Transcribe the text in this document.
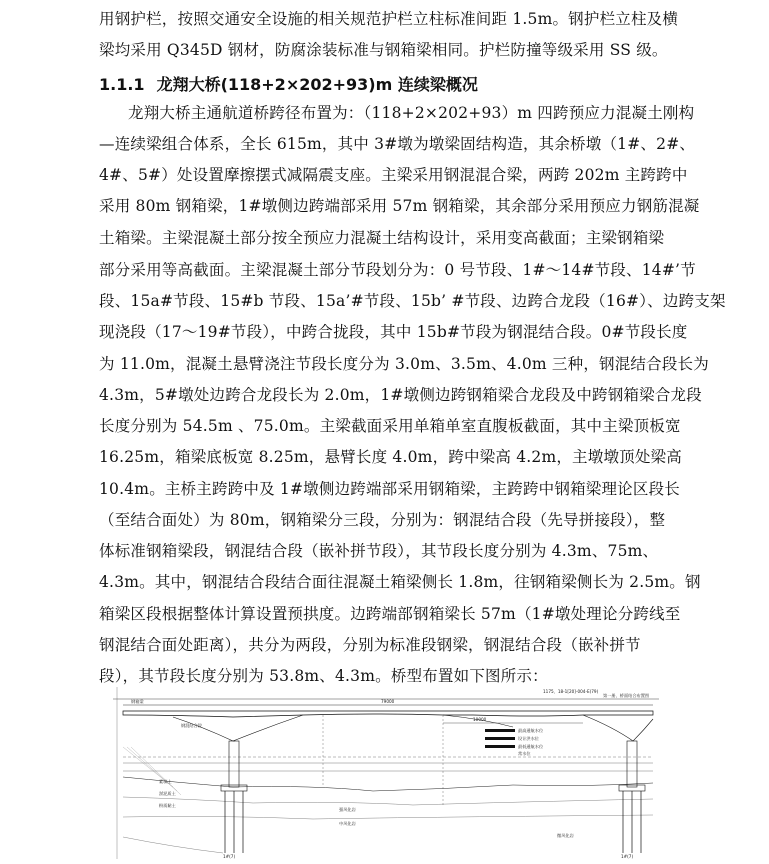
用钢护栏，按照交通安全设施的相关规范护栏立柱标准间距 1.5m。钢护栏立柱及横
梁均采用 Q345D 钢材，防腐涂装标准与钢箱梁相同。护栏防撞等级采用 SS 级。
1.1.1 龙翔大桥(118+2×202+93)m 连续梁概况
龙翔大桥主通航道桥跨径布置为：（118+2×202+93）m 四跨预应力混凝土刚构
—连续梁组合体系，全长 615m，其中 3#墩为墩梁固结构造，其余桥墩（1#、2#、
4#、5#）处设置摩擦摆式减隔震支座。主梁采用钢混混合梁，两跨 202m 主跨跨中
采用 80m 钢箱梁，1#墩侧边跨端部采用 57m 钢箱梁，其余部分采用预应力钢筋混凝
土箱梁。主梁混凝土部分按全预应力混凝土结构设计，采用变高截面；主梁钢箱梁
部分采用等高截面。主梁混凝土部分节段划分为：0 号节段、1#～14#节段、14#’节
段、15a#节段、15#b 节段、15a’#节段、15b’ #节段、边跨合龙段（16#）、边跨支架
现浇段（17～19#节段），中跨合拢段，其中 15b#节段为钢混结合段。0#节段长度
为 11.0m，混凝土悬臂浇注节段长度分为 3.0m、3.5m、4.0m 三种，钢混结合段长为
4.3m，5#墩处边跨合龙段长为 2.0m，1#墩侧边跨钢箱梁合龙段及中跨钢箱梁合龙段
长度分别为 54.5m 、75.0m。主梁截面采用单箱单室直腹板截面，其中主梁顶板宽
16.25m，箱梁底板宽 8.25m，悬臂长度 4.0m，跨中梁高 4.2m，主墩墩顶处梁高
10.4m。主桥主跨跨中及 1#墩侧边跨端部采用钢箱梁，主跨跨中钢箱梁理论区段长
（至结合面处）为 80m，钢箱梁分三段，分别为：钢混结合段（先导拼接段），整
体标准钢箱梁段，钢混结合段（嵌补拼节段），其节段长度分别为 4.3m、75m、
4.3m。其中，钢混结合段结合面往混凝土箱梁侧长 1.8m，往钢箱梁侧长为 2.5m。钢
箱梁区段根据整体计算设置预拱度。边跨端部钢箱梁长 57m（1#墩处理论分跨线至
钢混结合面处距离），共分为两段，分别为标准段钢梁，钢混结合段（嵌补拼节
段），其节段长度分别为 53.8m、4.3m。桥型布置如下图所示：
1175、18-1[20]-004-E(79)
第一册、桥面结合布置图
79000
钢箱梁
10000
最高通航水位
设计洪水位
最低通航水位
常水位
钢混结合段
1#(7)	1#(7)
素填土
淤泥质土
粉质黏土
强风化岩
中风化岩
微风化岩
